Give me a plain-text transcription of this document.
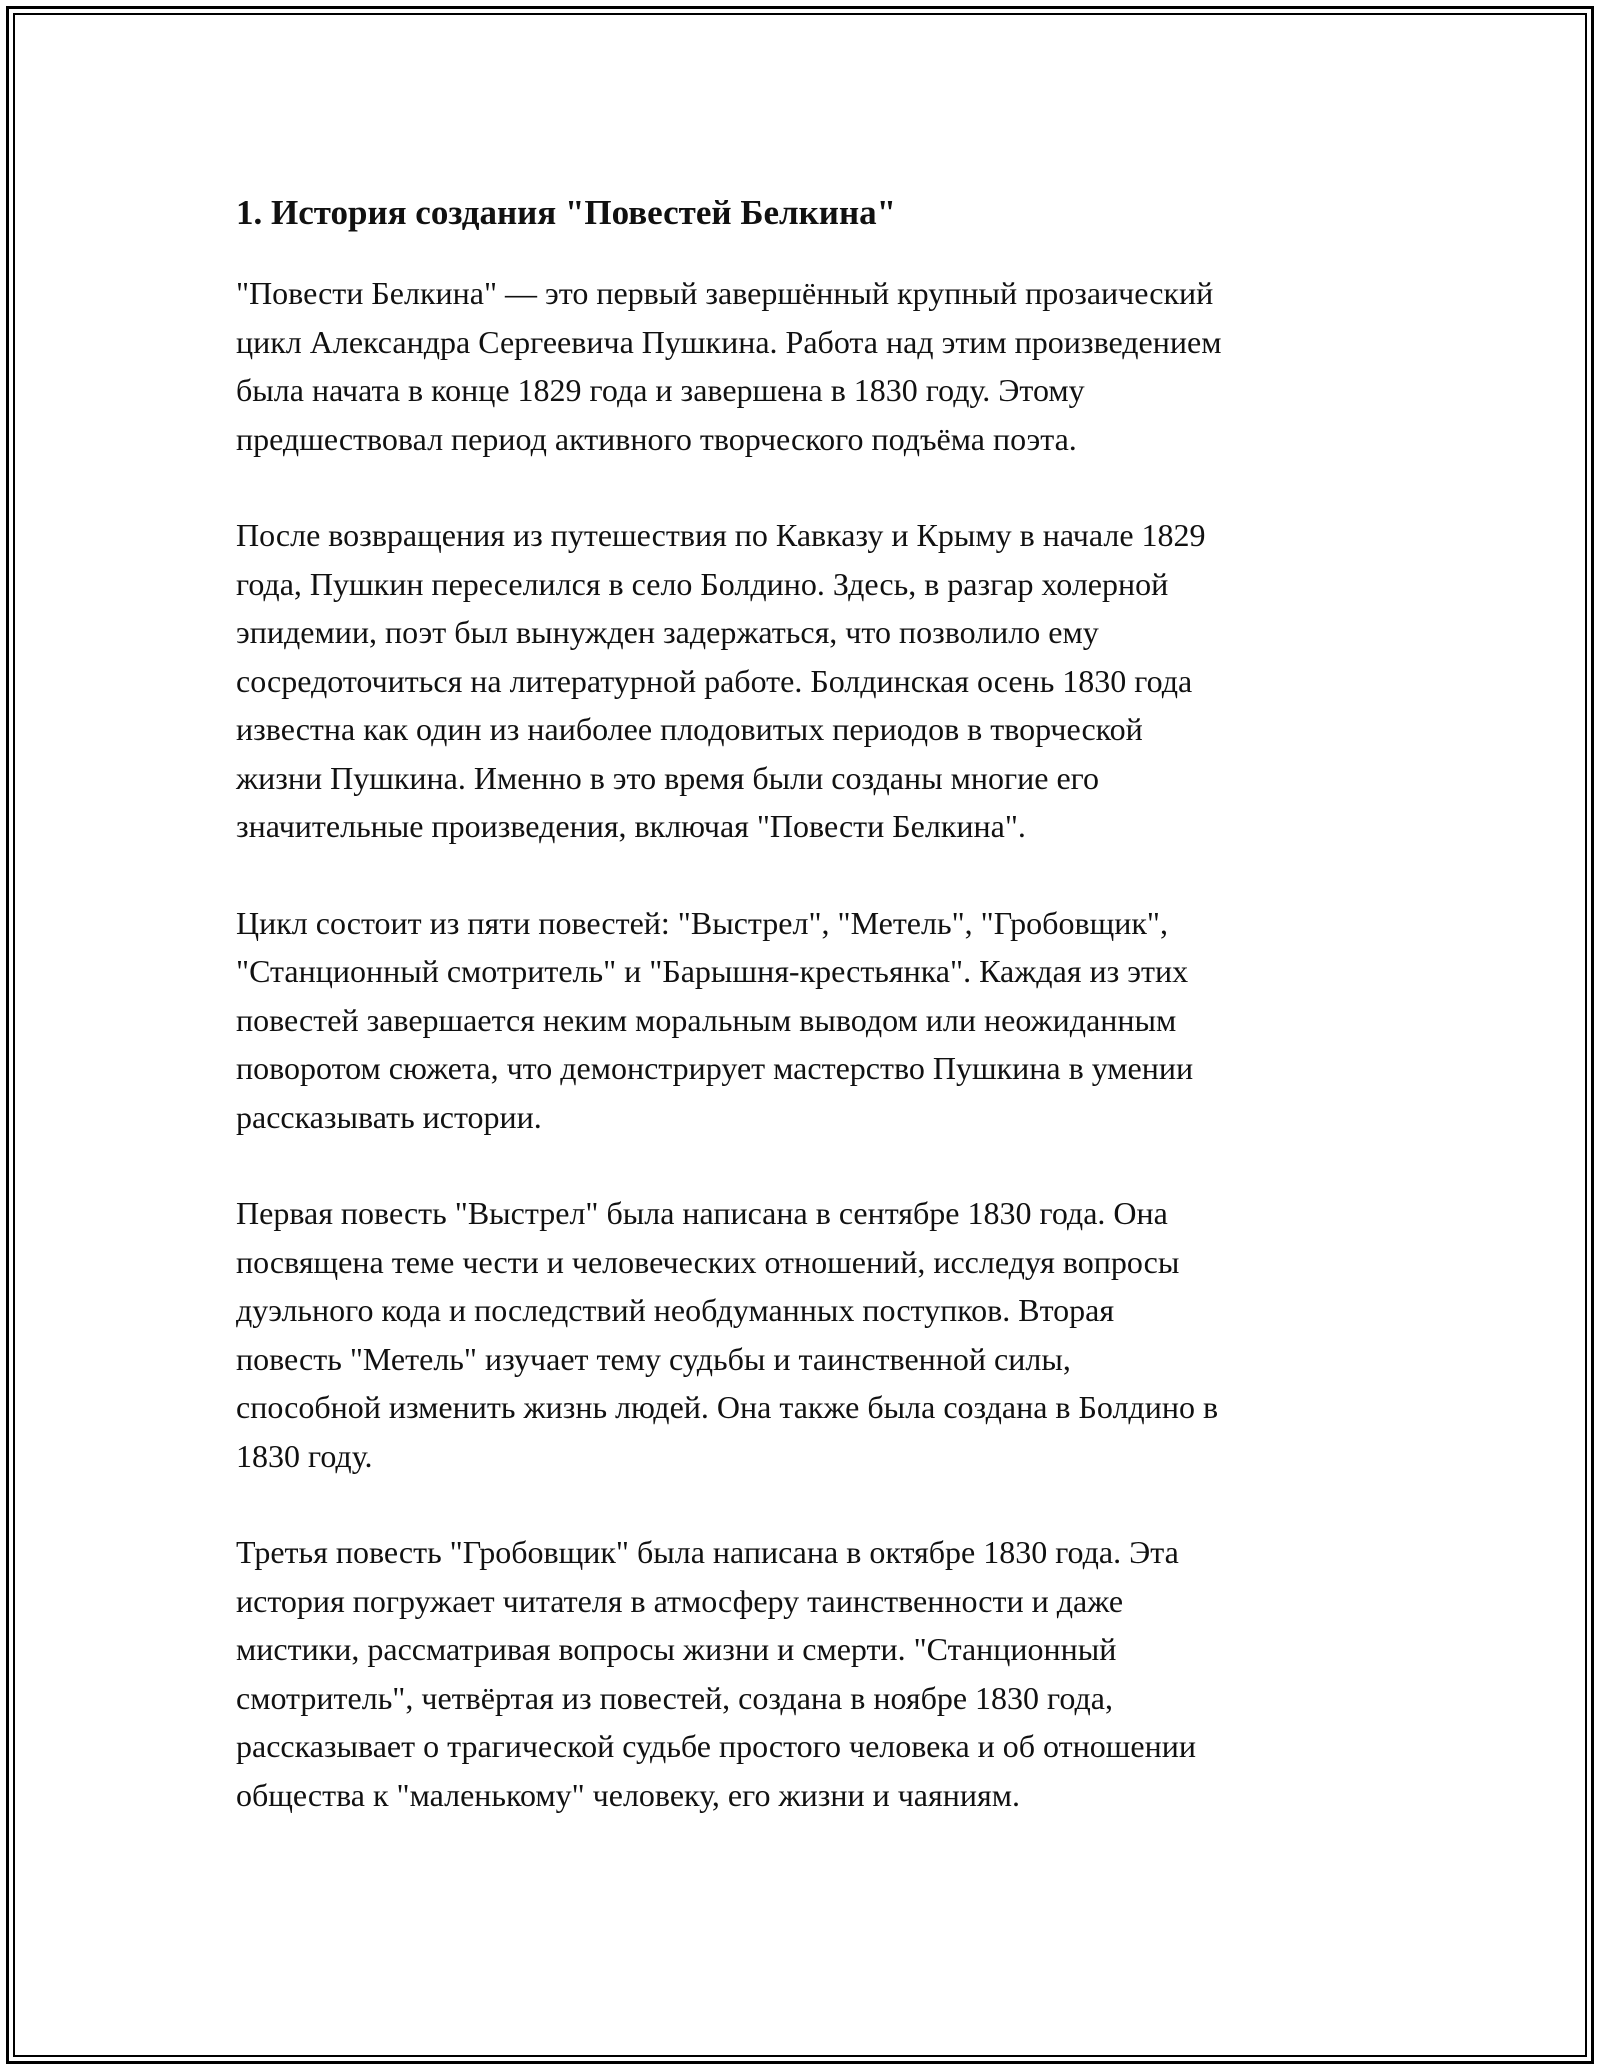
1. История создания "Повестей Белкина"

"Повести Белкина" — это первый завершённый крупный прозаический
цикл Александра Сергеевича Пушкина. Работа над этим произведением
была начата в конце 1829 года и завершена в 1830 году. Этому
предшествовал период активного творческого подъёма поэта.

После возвращения из путешествия по Кавказу и Крыму в начале 1829
года, Пушкин переселился в село Болдино. Здесь, в разгар холерной
эпидемии, поэт был вынужден задержаться, что позволило ему
сосредоточиться на литературной работе. Болдинская осень 1830 года
известна как один из наиболее плодовитых периодов в творческой
жизни Пушкина. Именно в это время были созданы многие его
значительные произведения, включая "Повести Белкина".

Цикл состоит из пяти повестей: "Выстрел", "Метель", "Гробовщик",
"Станционный смотритель" и "Барышня-крестьянка". Каждая из этих
повестей завершается неким моральным выводом или неожиданным
поворотом сюжета, что демонстрирует мастерство Пушкина в умении
рассказывать истории.

Первая повесть "Выстрел" была написана в сентябре 1830 года. Она
посвящена теме чести и человеческих отношений, исследуя вопросы
дуэльного кода и последствий необдуманных поступков. Вторая
повесть "Метель" изучает тему судьбы и таинственной силы,
способной изменить жизнь людей. Она также была создана в Болдино в
1830 году.

Третья повесть "Гробовщик" была написана в октябре 1830 года. Эта
история погружает читателя в атмосферу таинственности и даже
мистики, рассматривая вопросы жизни и смерти. "Станционный
смотритель", четвёртая из повестей, создана в ноябре 1830 года,
рассказывает о трагической судьбе простого человека и об отношении
общества к "маленькому" человеку, его жизни и чаяниям.
